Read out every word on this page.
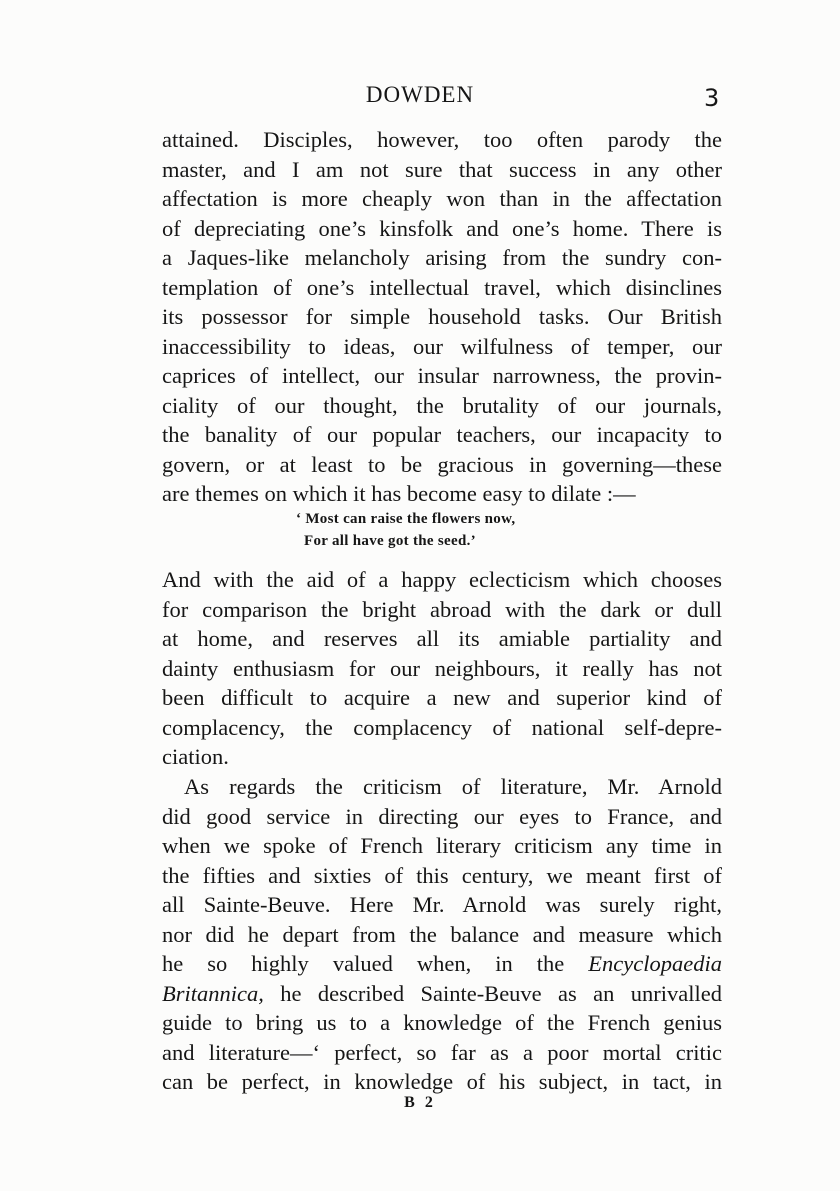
DOWDEN	3
attained. Disciples, however, too often parody the
master, and I am not sure that success in any other
affectation is more cheaply won than in the affectation
of depreciating one’s kinsfolk and one’s home. There is
a Jaques-like melancholy arising from the sundry con-
templation of one’s intellectual travel, which disinclines
its possessor for simple household tasks. Our British
inaccessibility to ideas, our wilfulness of temper, our
caprices of intellect, our insular narrowness, the provin-
ciality of our thought, the brutality of our journals,
the banality of our popular teachers, our incapacity to
govern, or at least to be gracious in governing—these
are themes on which it has become easy to dilate :—
‘ Most can raise the flowers now,
For all have got the seed.’
And with the aid of a happy eclecticism which chooses
for comparison the bright abroad with the dark or dull
at home, and reserves all its amiable partiality and
dainty enthusiasm for our neighbours, it really has not
been difficult to acquire a new and superior kind of
complacency, the complacency of national self-depre-
ciation.
As regards the criticism of literature, Mr. Arnold
did good service in directing our eyes to France, and
when we spoke of French literary criticism any time in
the fifties and sixties of this century, we meant first of
all Sainte-Beuve. Here Mr. Arnold was surely right,
nor did he depart from the balance and measure which
he so highly valued when, in the Encyclopaedia
Britannica, he described Sainte-Beuve as an unrivalled
guide to bring us to a knowledge of the French genius
and literature—‘ perfect, so far as a poor mortal critic
can be perfect, in knowledge of his subject, in tact, in
B 2
